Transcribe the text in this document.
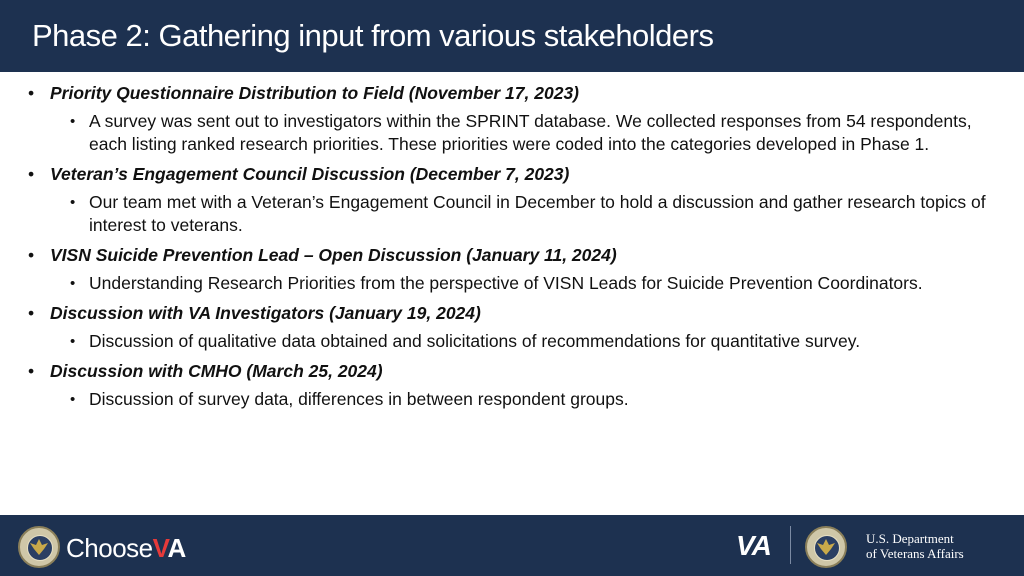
Phase 2: Gathering input from various stakeholders
• Priority Questionnaire Distribution to Field (November 17, 2023)
• A survey was sent out to investigators within the SPRINT database. We collected responses from 54 respondents, each listing ranked research priorities. These priorities were coded into the categories developed in Phase 1.
• Veteran’s Engagement Council Discussion (December 7, 2023)
• Our team met with a Veteran’s Engagement Council in December to hold a discussion and gather research topics of interest to veterans.
• VISN Suicide Prevention Lead – Open Discussion (January 11, 2024)
• Understanding Research Priorities from the perspective of VISN Leads for Suicide Prevention Coordinators.
• Discussion with VA Investigators (January 19, 2024)
• Discussion of qualitative data obtained and solicitations of recommendations for quantitative survey.
• Discussion with CMHO (March 25, 2024)
• Discussion of survey data, differences in between respondent groups.
ChooseVA	VA	U.S. Department
of Veterans Affairs
